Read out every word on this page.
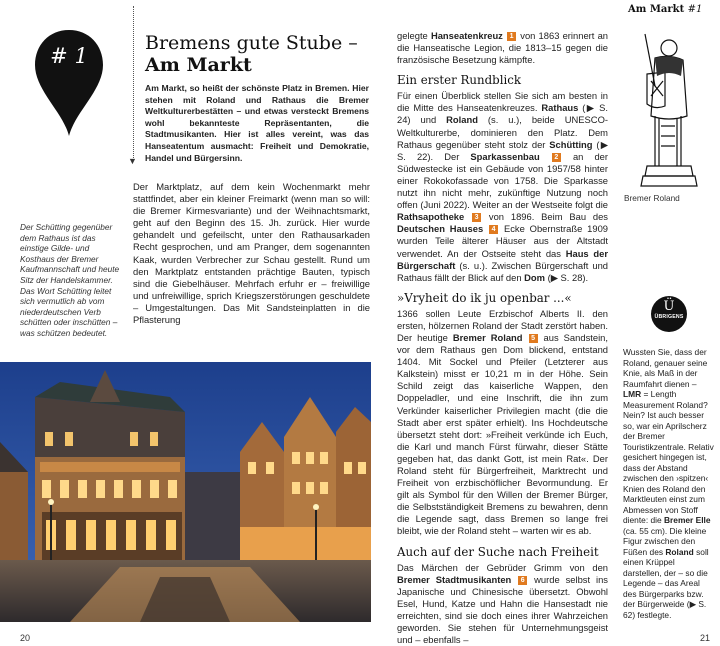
# 1
▼
Bremens gute Stube –
Am Markt
Am Markt, so heißt der schönste Platz in Bremen. Hier stehen mit Roland und Rathaus die Bremer Weltkulturerbestätten – und etwas versteckt Bremens wohl bekannteste Repräsentanten, die Stadtmusikanten. Hier ist alles vereint, was das Hanseatentum ausmacht: Freiheit und Demokratie, Handel und Bürgersinn.
Der Marktplatz, auf dem kein Wochenmarkt mehr stattfindet, aber ein kleiner Freimarkt (wenn man so will: die Bremer Kirmesvariante) und der Weihnachtsmarkt, geht auf den Beginn des 15. Jh. zurück. Hier wurde gehandelt und gefeilscht, unter den Rathausarkaden Recht gesprochen, und am Pranger, dem sogenannten Kaak, wurden Verbrecher zur Schau gestellt. Rund um den Marktplatz entstanden prächtige Bauten, typisch sind die Giebelhäuser. Mehrfach erfuhr er – freiwillige und unfreiwillige, sprich Kriegszerstörungen geschuldete – Umgestaltungen. Das Mit Sandsteinplatten in die Pflasterung
Der Schütting gegenüber dem Rathaus ist das einstige Gilde- und Kosthaus der Bremer Kaufmannschaft und heute Sitz der Handelskammer. Das Wort Schütting leitet sich vermutlich ab vom niederdeutschen Verb schütten oder inschütten – was schützen bedeutet.
20

gelegte Hanseatenkreuz 1 von 1863 erinnert an die Hanseatische Legion, die 1813–15 gegen die französische Besetzung kämpfte.

Ein erster Rundblick

Für einen Überblick stellen Sie sich am besten in die Mitte des Hanseatenkreuzes. Rathaus (▶ S. 24) und Roland (s. u.), beide UNESCO-Weltkulturerbe, dominieren den Platz. Dem Rathaus gegenüber steht stolz der Schütting (▶ S. 22). Der Sparkassenbau 2 an der Südwestecke ist ein Gebäude von 1957/58 hinter einer Rokokofassade von 1758. Die Sparkasse nutzt ihn nicht mehr, zukünftige Nutzung noch offen (Juni 2022). Weiter an der Westseite folgt die Rathsapotheke 3 von 1896. Beim Bau des Deutschen Hauses 4 Ecke Obernstraße 1909 wurden Teile älterer Häuser aus der Altstadt verwendet. An der Ostseite steht das Haus der Bürgerschaft (s. u.). Zwischen Bürgerschaft und Rathaus fällt der Blick auf den Dom (▶ S. 28).

»Vryheit do ik ju openbar ...«

1366 sollen Leute Erzbischof Alberts II. den ersten, hölzernen Roland der Stadt zerstört haben. Der heutige Bremer Roland 5 aus Sandstein, vor dem Rathaus gen Dom blickend, entstand 1404. Mit Sockel und Pfeiler (Letzterer aus Kalkstein) misst er 10,21 m in der Höhe. Sein Schild zeigt das kaiserliche Wappen, den Doppeladler, und eine Inschrift, die ihn zum Verkünder kaiserlicher Privilegien macht (die die Stadt aber erst später erhielt). Ins Hochdeutsche übersetzt steht dort: »Freiheit verkünde ich Euch, die Karl und manch Fürst fürwahr, dieser Stätte gegeben hat, das dankt Gott, ist mein Rat«. Der Roland steht für Bürgerfreiheit, Marktrecht und Freiheit von erzbischöflicher Bevormundung. Er gilt als Symbol für den Willen der Bremer Bürger, die Selbstständigkeit Bremens zu bewahren, denn die Legende sagt, dass Bremen so lange frei bleibt, wie der Roland steht – warten wir es ab.

Auch auf der Suche nach Freiheit

Das Märchen der Gebrüder Grimm von den Bremer Stadtmusikanten 6 wurde selbst ins Japanische und Chinesische übersetzt. Obwohl Esel, Hund, Katze und Hahn die Hansestadt nie erreichten, sind sie doch eines ihrer Wahrzeichen geworden. Sie stehen für Unternehmungsgeist und – ebenfalls –

Am Markt #1
Bremer Roland
Ü
ÜBRIGENS
Wussten Sie, dass der Roland, genauer seine Knie, als Maß in der Raumfahrt dienen – LMR = Length Measurement Roland? Nein? Ist auch besser so, war ein Aprilscherz der Bremer Touristikzentrale. Relativ gesichert hingegen ist, dass der Abstand zwischen den ›spitzen‹ Knien des Roland den Marktleuten einst zum Abmessen von Stoff diente: die Bremer Elle (ca. 55 cm). Die kleine Figur zwischen den Füßen des Roland soll einen Krüppel darstellen, der – so die Legende – das Areal des Bürgerparks bzw. der Bürgerweide (▶ S. 62) festlegte.
21
